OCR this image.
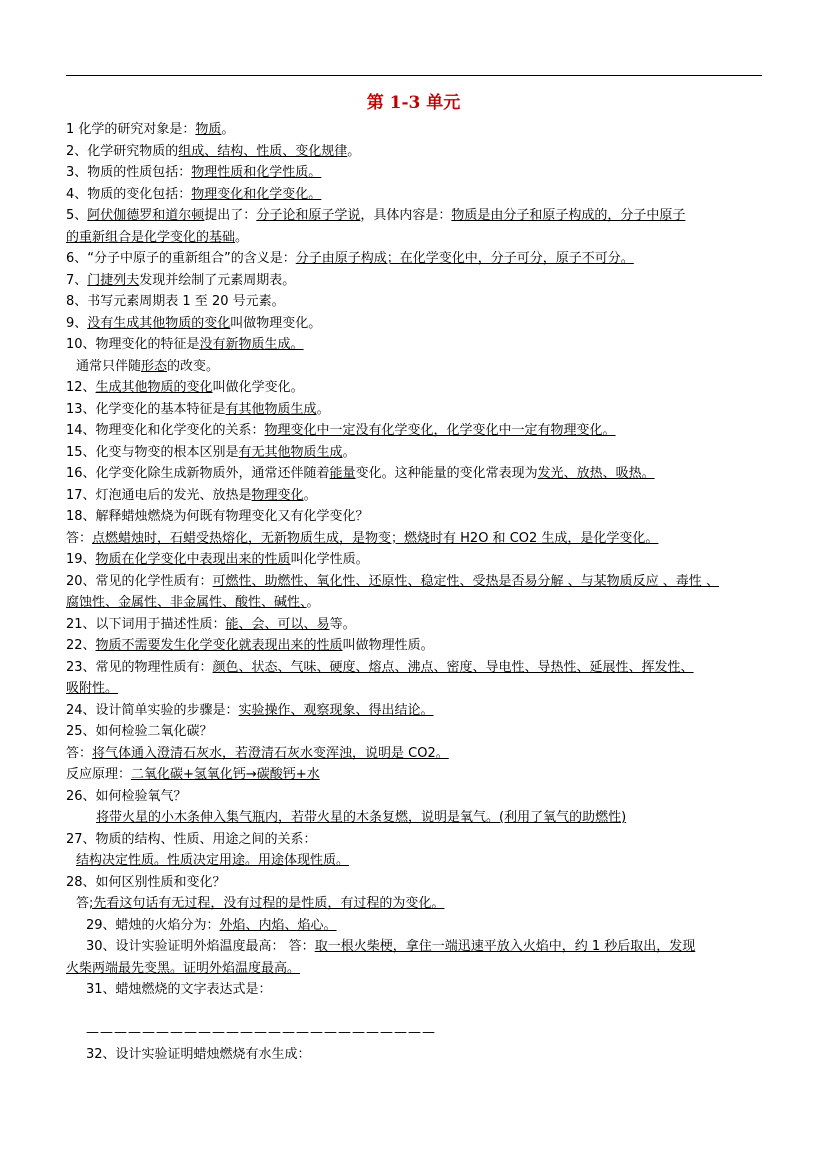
第 1-3 单元
1 化学的研究对象是：物质。
2、化学研究物质的组成、结构、性质、变化规律。
3、物质的性质包括：物理性质和化学性质。
4、物质的变化包括：物理变化和化学变化。
5、阿伏伽德罗和道尔顿提出了：分子论和原子学说，具体内容是：物质是由分子和原子构成的，分子中原子
的重新组合是化学变化的基础。
6、“分子中原子的重新组合”的含义是：分子由原子构成；在化学变化中，分子可分，原子不可分。
7、门捷列夫发现并绘制了元素周期表。
8、书写元素周期表 1 至 20 号元素。
9、没有生成其他物质的变化叫做物理变化。
10、物理变化的特征是没有新物质生成。
通常只伴随形态的改变。
12、生成其他物质的变化叫做化学变化。
13、化学变化的基本特征是有其他物质生成。
14、物理变化和化学变化的关系：物理变化中一定没有化学变化，化学变化中一定有物理变化。
15、化变与物变的根本区别是有无其他物质生成。
16、化学变化除生成新物质外，通常还伴随着能量变化。这种能量的变化常表现为发光、放热、吸热。
17、灯泡通电后的发光、放热是物理变化。
18、解释蜡烛燃烧为何既有物理变化又有化学变化？
答：点燃蜡烛时，石蜡受热熔化，无新物质生成，是物变；燃烧时有 H2O 和 CO2 生成，是化学变化。
19、物质在化学变化中表现出来的性质叫化学性质。
20、常见的化学性质有：可燃性、助燃性、氧化性、还原性、稳定性、受热是否易分解 、与某物质反应 、毒性 、
腐蚀性、金属性、非金属性、酸性、碱性、。
21、以下词用于描述性质：能、会、可以、易等。
22、物质不需要发生化学变化就表现出来的性质叫做物理性质。
23、常见的物理性质有：颜色、状态、气味、硬度、熔点、沸点、密度、导电性、导热性、延展性、挥发性、
吸附性。
24、设计简单实验的步骤是：实验操作、观察现象、得出结论。
25、如何检验二氧化碳？
答：将气体通入澄清石灰水，若澄清石灰水变浑浊，说明是 CO2。
反应原理：二氧化碳+氢氧化钙→碳酸钙+水
26、如何检验氧气？
将带火星的小木条伸入集气瓶内，若带火星的木条复燃，说明是氧气。(利用了氧气的助燃性)
27、物质的结构、性质、用途之间的关系：
结构决定性质。性质决定用途。用途体现性质。
28、如何区别性质和变化？
答;先看这句话有无过程，没有过程的是性质，有过程的为变化。
29、蜡烛的火焰分为：外焰、内焰、焰心。
30、设计实验证明外焰温度最高： 答：取一根火柴梗，拿住一端迅速平放入火焰中，约 1 秒后取出，发现
火柴两端最先变黑。证明外焰温度最高。
31、蜡烛燃烧的文字表达式是：
—————————————————————————
32、设计实验证明蜡烛燃烧有水生成：
